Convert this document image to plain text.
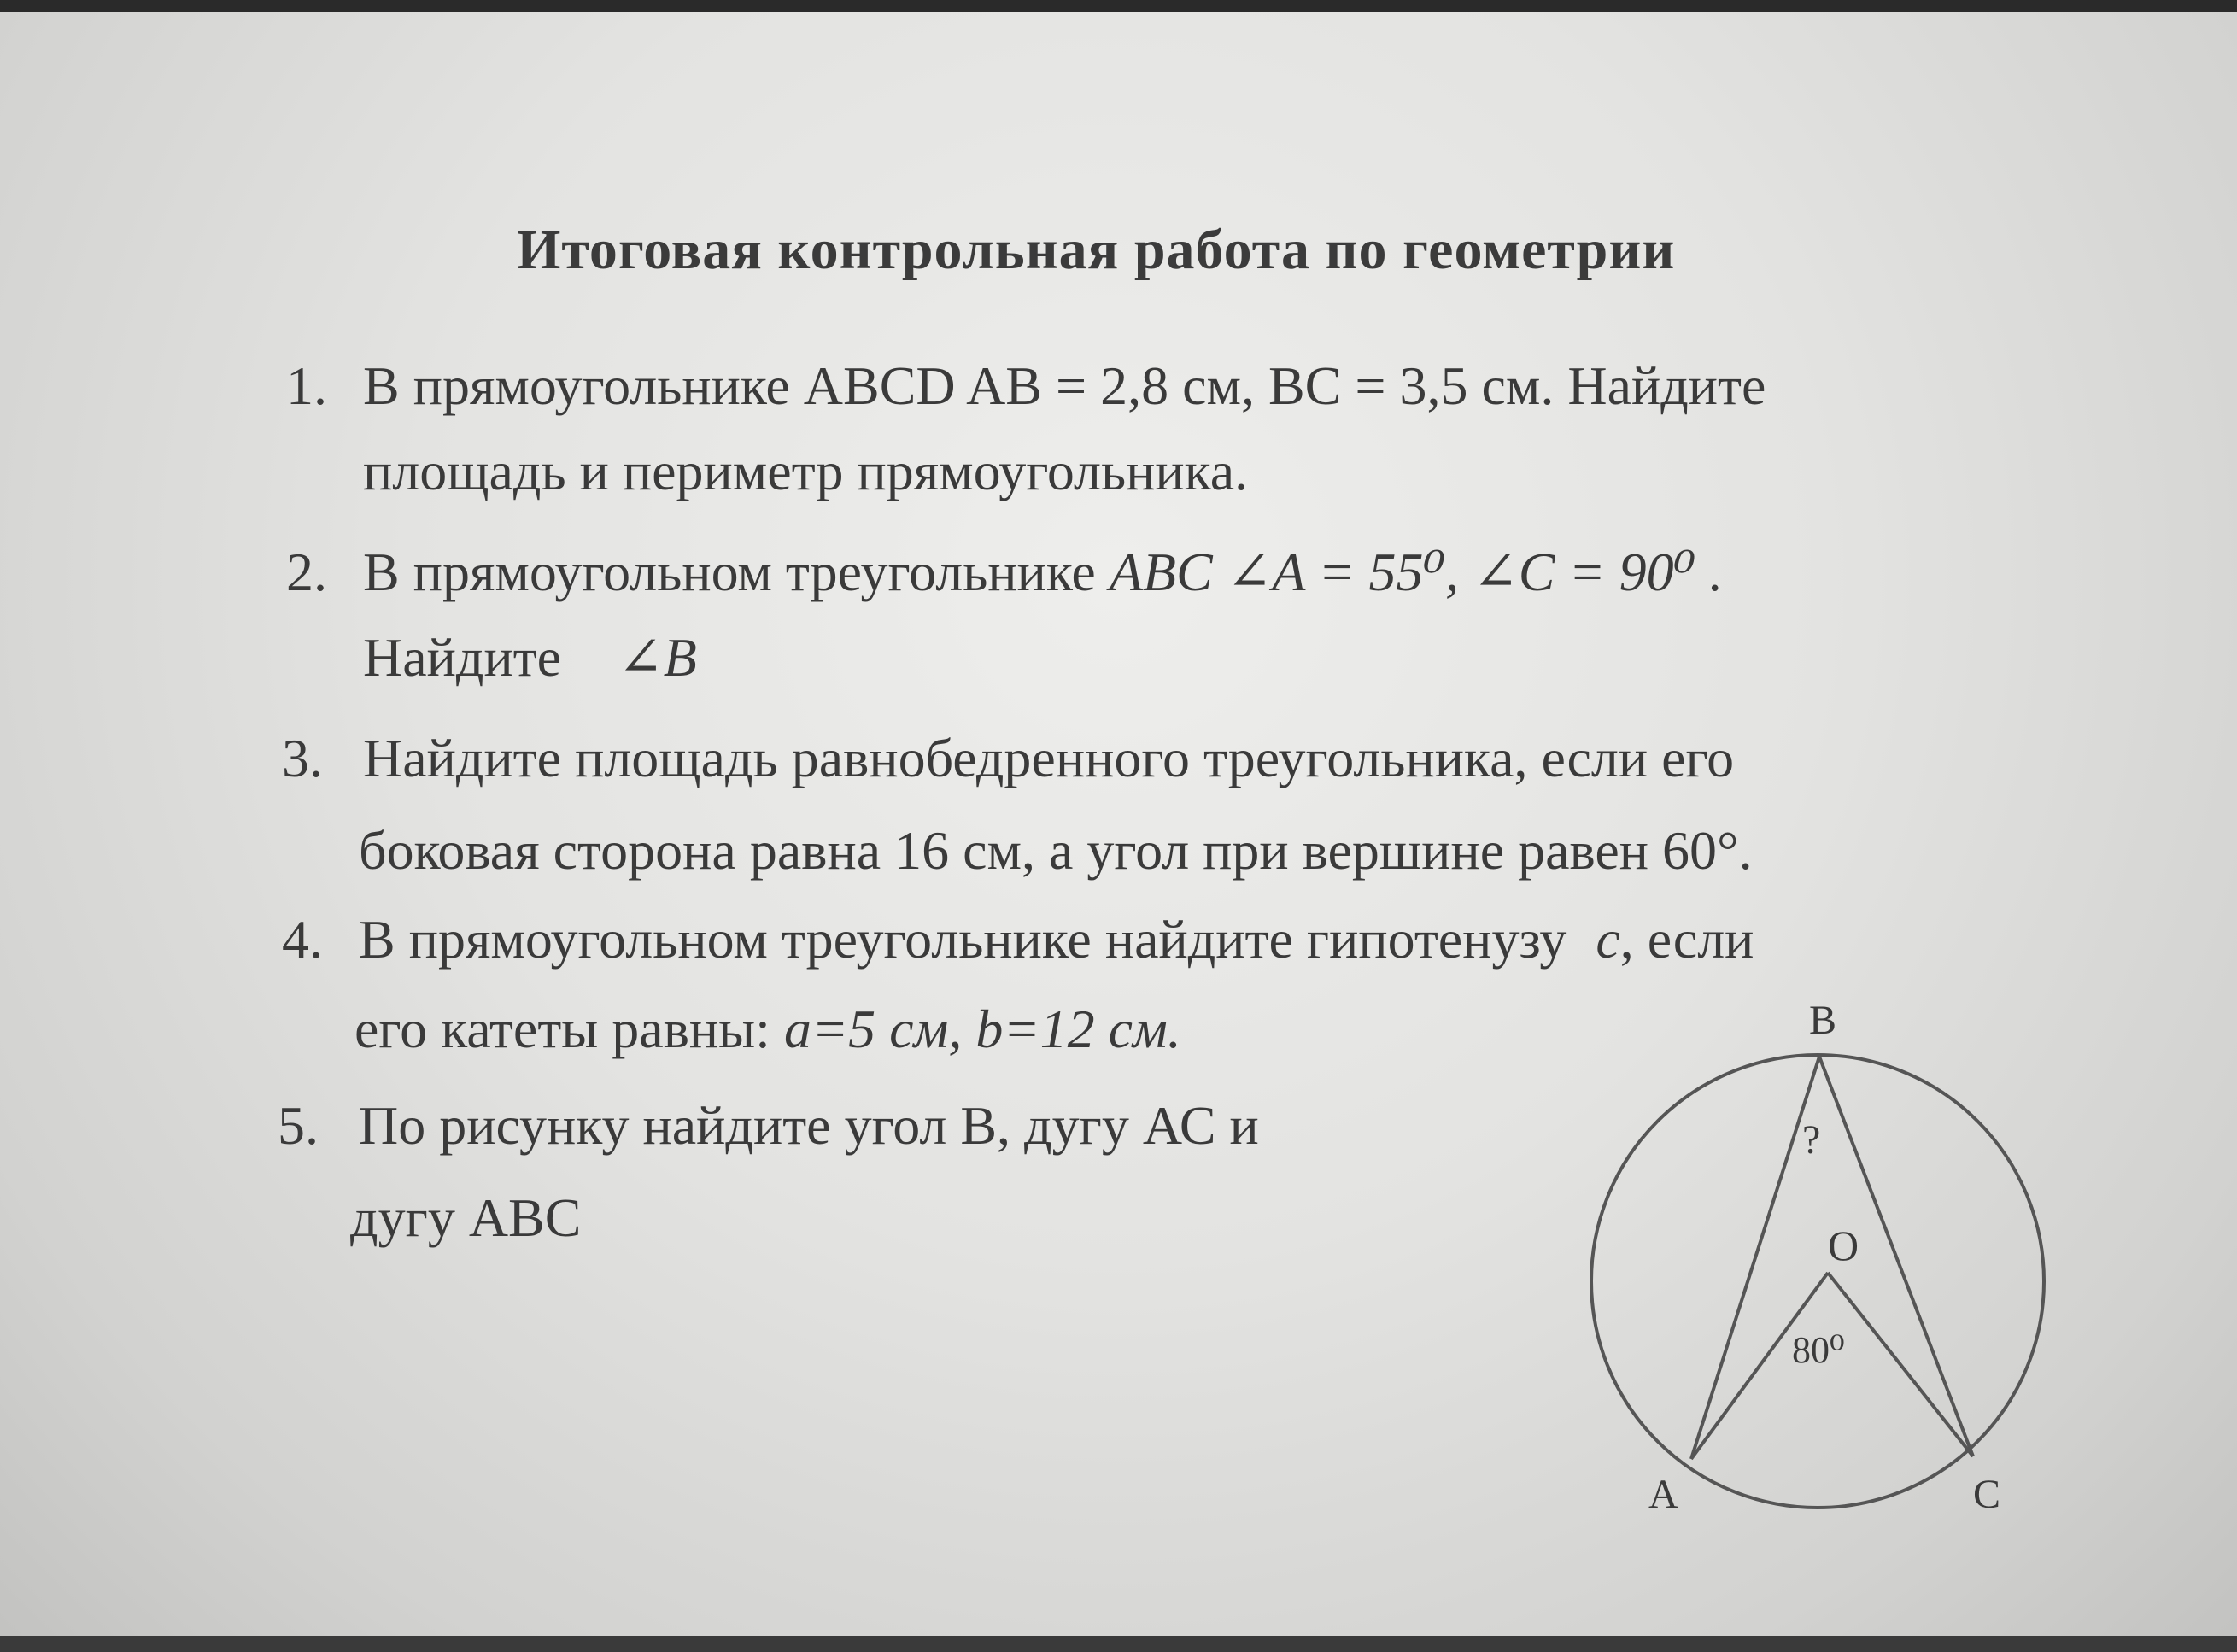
Итоговая контрольная работа по геометрии
1. В прямоугольнике ABCD AB = 2,8 см, BC = 3,5 см. Найдите
площадь и периметр прямоугольника.
2. В прямоугольном треугольнике ABC ∠A = 55⁰, ∠C = 90⁰ .
Найдите ∠B
3. Найдите площадь равнобедренного треугольника, если его
боковая сторона равна 16 см, а угол при вершине равен 60°.
4. В прямоугольном треугольнике найдите гипотенузу c, если
его катеты равны: a=5 см, b=12 см.
5. По рисунку найдите угол В, дугу АС и
дугу АВС
B
?
O
80⁰
A	C
